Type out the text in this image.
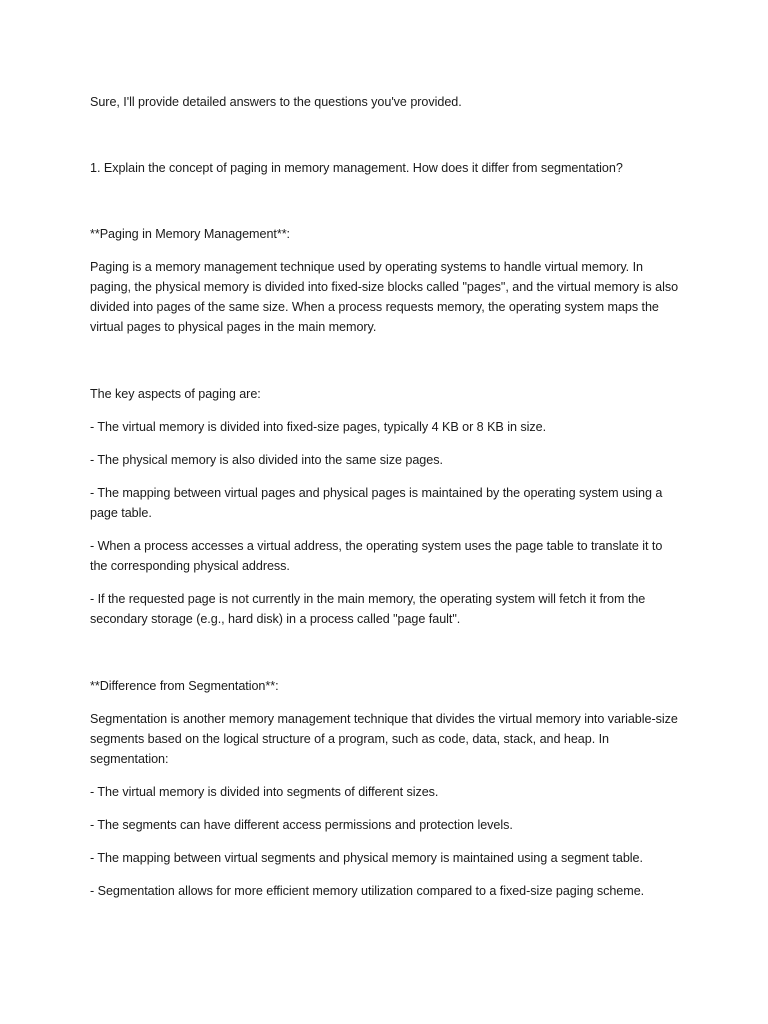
Sure, I'll provide detailed answers to the questions you've provided.

1. Explain the concept of paging in memory management. How does it differ from segmentation?

**Paging in Memory Management**:

Paging is a memory management technique used by operating systems to handle virtual memory. In paging, the physical memory is divided into fixed-size blocks called "pages", and the virtual memory is also divided into pages of the same size. When a process requests memory, the operating system maps the virtual pages to physical pages in the main memory.

The key aspects of paging are:

- The virtual memory is divided into fixed-size pages, typically 4 KB or 8 KB in size.

- The physical memory is also divided into the same size pages.

- The mapping between virtual pages and physical pages is maintained by the operating system using a page table.

- When a process accesses a virtual address, the operating system uses the page table to translate it to the corresponding physical address.

- If the requested page is not currently in the main memory, the operating system will fetch it from the secondary storage (e.g., hard disk) in a process called "page fault".

**Difference from Segmentation**:

Segmentation is another memory management technique that divides the virtual memory into variable-size segments based on the logical structure of a program, such as code, data, stack, and heap. In segmentation:

- The virtual memory is divided into segments of different sizes.

- The segments can have different access permissions and protection levels.

- The mapping between virtual segments and physical memory is maintained using a segment table.

- Segmentation allows for more efficient memory utilization compared to a fixed-size paging scheme.
